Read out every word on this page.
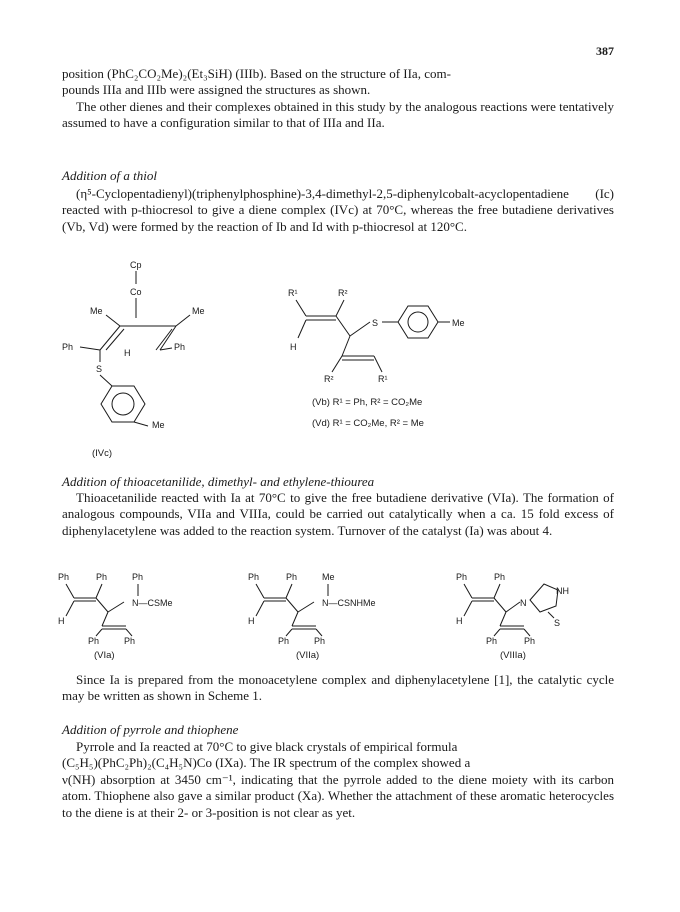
387

position (PhC₂CO₂Me)₂(Et₃SiH) (IIIb). Based on the structure of IIa, com-

pounds IIIa and IIIb were assigned the structures as shown.

The other dienes and their complexes obtained in this study by the analogous reactions were tentatively assumed to have a configuration similar to that of IIIa and IIa.

Addition of a thiol

(η⁵-Cyclopentadienyl)(triphenylphosphine)-3,4-dimethyl-2,5-diphenylcobalt-acyclopentadiene (Ic) reacted with p-thiocresol to give a diene complex (IVc) at 70°C, whereas the free butadiene derivatives (Vb, Vd) were formed by the reaction of Ib and Id with p-thiocresol at 120°C.

Cp
Co
Me	Me
Ph
H
Ph
S
Me
(IVc)
R¹	R²
S	Me
H
R²	R¹
(Vb) R¹ = Ph, R² = CO₂Me
(Vd) R¹ = CO₂Me, R² = Me
Addition of thioacetanilide, dimethyl- and ethylene-thiourea

Thioacetanilide reacted with Ia at 70°C to give the free butadiene derivative (VIa). The formation of analogous compounds, VIIa and VIIIa, could be carried out catalytically when a ca. 15 fold excess of diphenylacetylene was added to the reaction system. Turnover of the catalyst (Ia) was about 4.

Ph	Ph	Ph
N—CSMe
H
Ph	Ph
(VIa)
Ph	Ph	Me
N—CSNHMe
H
Ph	Ph
(VIIa)
Ph	Ph
N
NH
S
H
Ph	Ph
(VIIIa)

Since Ia is prepared from the monoacetylene complex and diphenylacetylene [1], the catalytic cycle may be written as shown in Scheme 1.

Addition of pyrrole and thiophene

Pyrrole and Ia reacted at 70°C to give black crystals of empirical formula

(C₅H₅)(PhC₂Ph)₂(C₄H₅N)Co (IXa). The IR spectrum of the complex showed a

ν(NH) absorption at 3450 cm⁻¹, indicating that the pyrrole added to the diene moiety with its carbon atom. Thiophene also gave a similar product (Xa). Whether the attachment of these aromatic heterocycles to the diene is at their 2- or 3-position is not clear as yet.
